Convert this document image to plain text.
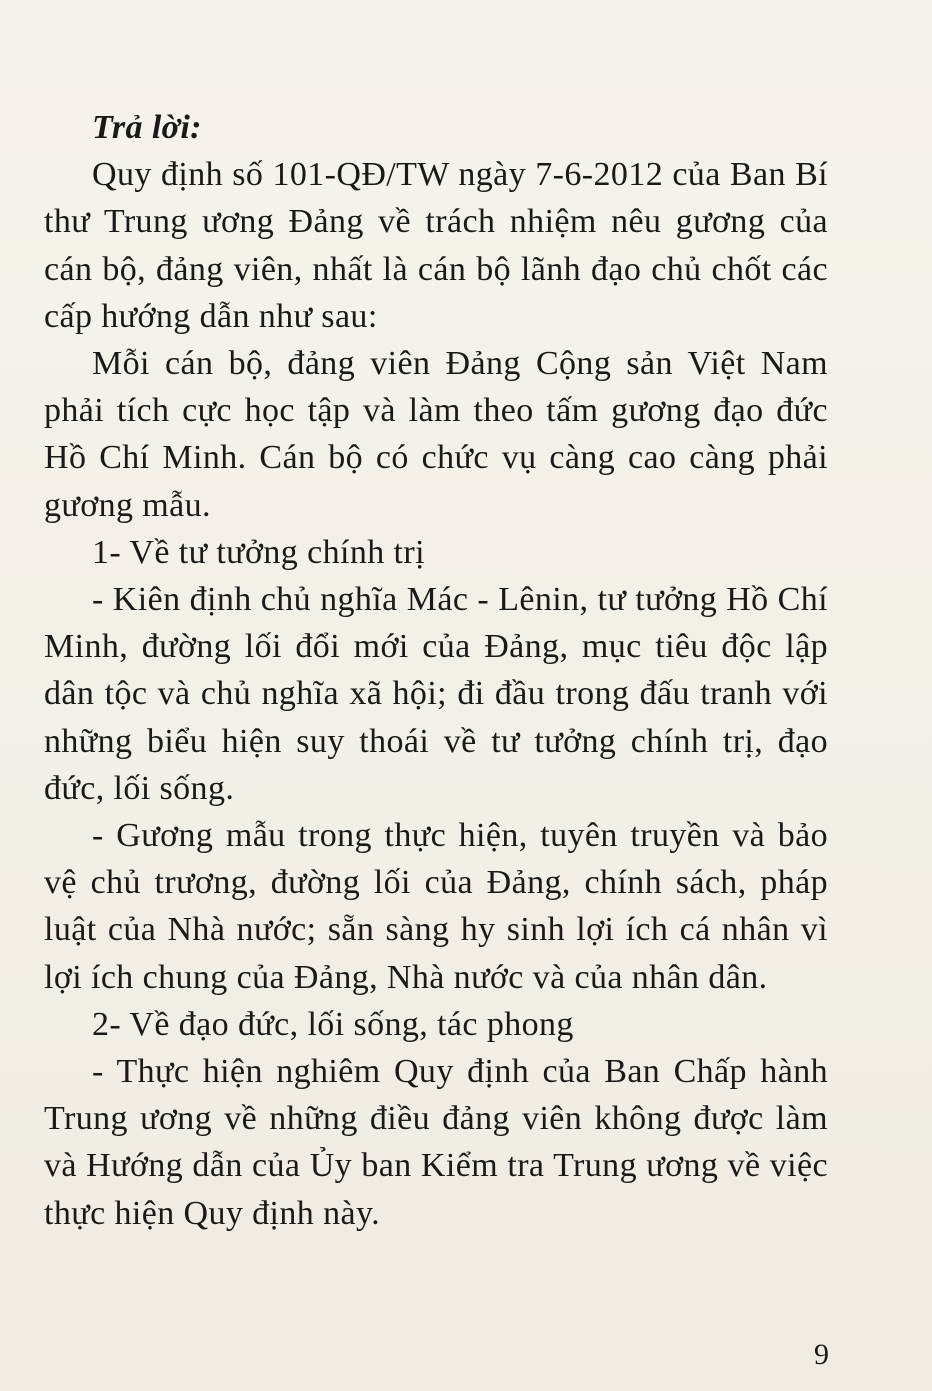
Trả lời:

Quy định số 101-QĐ/TW ngày 7-6-2012 của Ban Bí thư Trung ương Đảng về trách nhiệm nêu gương của cán bộ, đảng viên, nhất là cán bộ lãnh đạo chủ chốt các cấp hướng dẫn như sau:

Mỗi cán bộ, đảng viên Đảng Cộng sản Việt Nam phải tích cực học tập và làm theo tấm gương đạo đức Hồ Chí Minh. Cán bộ có chức vụ càng cao càng phải gương mẫu.

1- Về tư tưởng chính trị

- Kiên định chủ nghĩa Mác - Lênin, tư tưởng Hồ Chí Minh, đường lối đổi mới của Đảng, mục tiêu độc lập dân tộc và chủ nghĩa xã hội; đi đầu trong đấu tranh với những biểu hiện suy thoái về tư tưởng chính trị, đạo đức, lối sống.

- Gương mẫu trong thực hiện, tuyên truyền và bảo vệ chủ trương, đường lối của Đảng, chính sách, pháp luật của Nhà nước; sẵn sàng hy sinh lợi ích cá nhân vì lợi ích chung của Đảng, Nhà nước và của nhân dân.

2- Về đạo đức, lối sống, tác phong

- Thực hiện nghiêm Quy định của Ban Chấp hành Trung ương về những điều đảng viên không được làm và Hướng dẫn của Ủy ban Kiểm tra Trung ương về việc thực hiện Quy định này.

9
